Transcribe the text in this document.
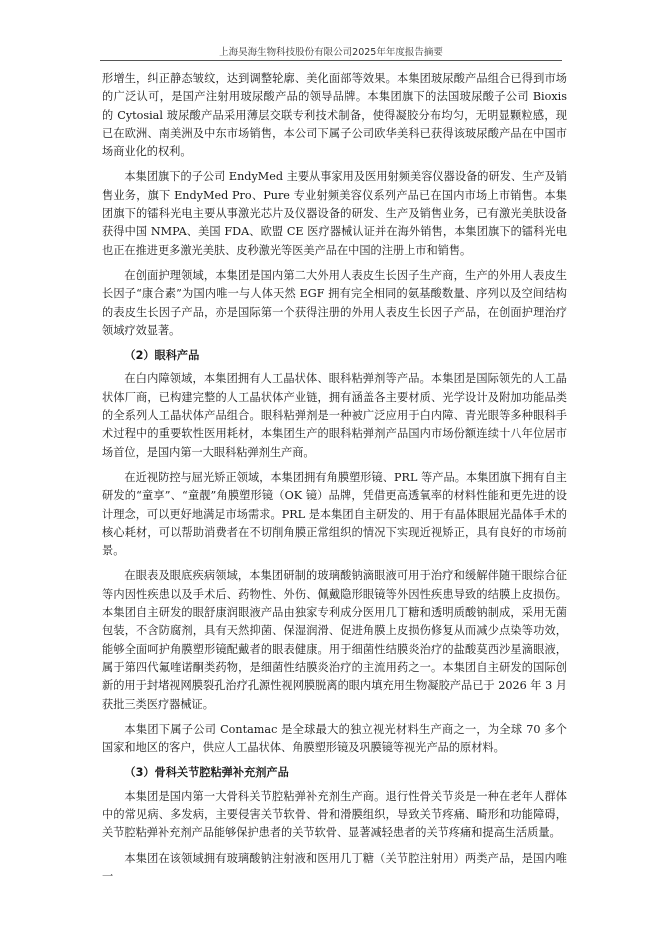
上海昊海生物科技股份有限公司2025年年度报告摘要

形增生，纠正静态皱纹，达到调整轮廓、美化面部等效果。本集团玻尿酸产品组合已得到市场的广泛认可，是国产注射用玻尿酸产品的领导品牌。本集团旗下的法国玻尿酸子公司 Bioxis 的 Cytosial 玻尿酸产品采用薄层交联专利技术制备，使得凝胶分布均匀，无明显颗粒感，现已在欧洲、南美洲及中东市场销售，本公司下属子公司欧华美科已获得该玻尿酸产品在中国市场商业化的权利。

本集团旗下的子公司 EndyMed 主要从事家用及医用射频美容仪器设备的研发、生产及销售业务，旗下 EndyMed Pro、Pure 专业射频美容仪系列产品已在国内市场上市销售。本集团旗下的镭科光电主要从事激光芯片及仪器设备的研发、生产及销售业务，已有激光美肤设备获得中国 NMPA、美国 FDA、欧盟 CE 医疗器械认证并在海外销售，本集团旗下的镭科光电也正在推进更多激光美肤、皮秒激光等医美产品在中国的注册上市和销售。

在创面护理领域，本集团是国内第二大外用人表皮生长因子生产商，生产的外用人表皮生长因子“康合素”为国内唯一与人体天然 EGF 拥有完全相同的氨基酸数量、序列以及空间结构的表皮生长因子产品，亦是国际第一个获得注册的外用人表皮生长因子产品，在创面护理治疗领域疗效显著。

（2）眼科产品

在白内障领域，本集团拥有人工晶状体、眼科粘弹剂等产品。本集团是国际领先的人工晶状体厂商，已构建完整的人工晶状体产业链，拥有涵盖各主要材质、光学设计及附加功能品类的全系列人工晶状体产品组合。眼科粘弹剂是一种被广泛应用于白内障、青光眼等多种眼科手术过程中的重要软性医用耗材，本集团生产的眼科粘弹剂产品国内市场份额连续十八年位居市场首位，是国内第一大眼科粘弹剂生产商。

在近视防控与屈光矫正领域，本集团拥有角膜塑形镜、PRL 等产品。本集团旗下拥有自主研发的“童享”、“童靓”角膜塑形镜（OK 镜）品牌，凭借更高透氧率的材料性能和更先进的设计理念，可以更好地满足市场需求。PRL 是本集团自主研发的、用于有晶体眼屈光晶体手术的核心耗材，可以帮助消费者在不切削角膜正常组织的情况下实现近视矫正，具有良好的市场前景。

在眼表及眼底疾病领域，本集团研制的玻璃酸钠滴眼液可用于治疗和缓解伴随干眼综合征等内因性疾患以及手术后、药物性、外伤、佩戴隐形眼镜等外因性疾患导致的结膜上皮损伤。本集团自主研发的眼舒康润眼液产品由独家专利成分医用几丁糖和透明质酸钠制成，采用无菌包装，不含防腐剂，具有天然抑菌、保湿润滑、促进角膜上皮损伤修复从而减少点染等功效，能够全面呵护角膜塑形镜配戴者的眼表健康。用于细菌性结膜炎治疗的盐酸莫西沙星滴眼液，属于第四代氟喹诺酮类药物，是细菌性结膜炎治疗的主流用药之一。本集团自主研发的国际创新的用于封堵视网膜裂孔治疗孔源性视网膜脱离的眼内填充用生物凝胶产品已于 2026 年 3 月获批三类医疗器械证。

本集团下属子公司 Contamac 是全球最大的独立视光材料生产商之一，为全球 70 多个国家和地区的客户，供应人工晶状体、角膜塑形镜及巩膜镜等视光产品的原材料。

（3）骨科关节腔粘弹补充剂产品

本集团是国内第一大骨科关节腔粘弹补充剂生产商。退行性骨关节炎是一种在老年人群体中的常见病、多发病，主要侵害关节软骨、骨和滑膜组织，导致关节疼痛、畸形和功能障碍，关节腔粘弹补充剂产品能够保护患者的关节软骨、显著减轻患者的关节疼痛和提高生活质量。

本集团在该领域拥有玻璃酸钠注射液和医用几丁糖（关节腔注射用）两类产品，是国内唯一
